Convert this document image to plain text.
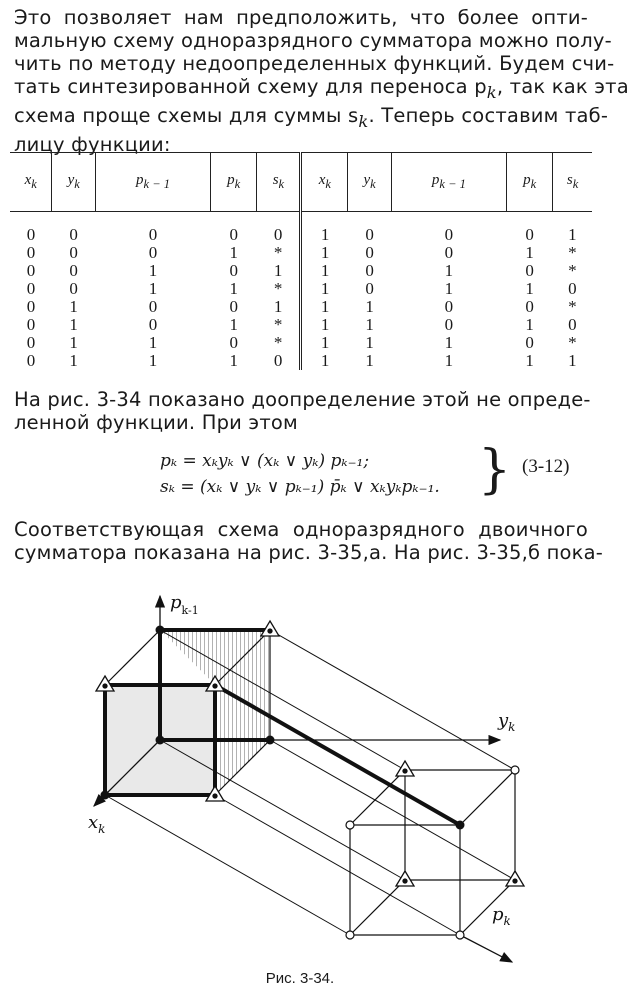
Это позволяет нам предположить, что более опти-
мальную схему одноразрядного сумматора можно полу-
чить по методу недоопределенных функций. Будем счи-
тать синтезированной схему для переноса $p_k$, так как эта
схема проще схемы для суммы $s_k$. Теперь составим таб-
лицу функции:
$x_k$	$y_k$	$p_{k - 1}$	$p_k$	$s_k$	$x_k$	$y_k$	$p_{k - 1}$	$p_k$	$s_k$

0	0	0	0	0	1	0	0	0	1
0	0	0	1	*	1	0	0	1	*
0	0	1	0	1	1	0	1	0	*
0	0	1	1	*	1	0	1	1	0
0	1	0	0	1	1	1	0	0	*
0	1	0	1	*	1	1	0	1	0
0	1	1	0	*	1	1	1	0	*
0	1	1	1	0	1	1	1	1	1
На рис. 3-34 показано доопределение этой не опреде-
ленной функции. При этом
pₖ = xₖyₖ ∨ (xₖ ∨ yₖ) pₖ₋₁;
sₖ = (xₖ ∨ yₖ ∨ pₖ₋₁) p̄ₖ ∨ xₖyₖpₖ₋₁. } (3-12)
Соответствующая схема одноразрядного двоичного
сумматора показана на рис. 3-35,а. На рис. 3-35,б пока-
$p_{k-1}$
$y_k$
$x_k$
$p_k$
Рис. 3-34.
